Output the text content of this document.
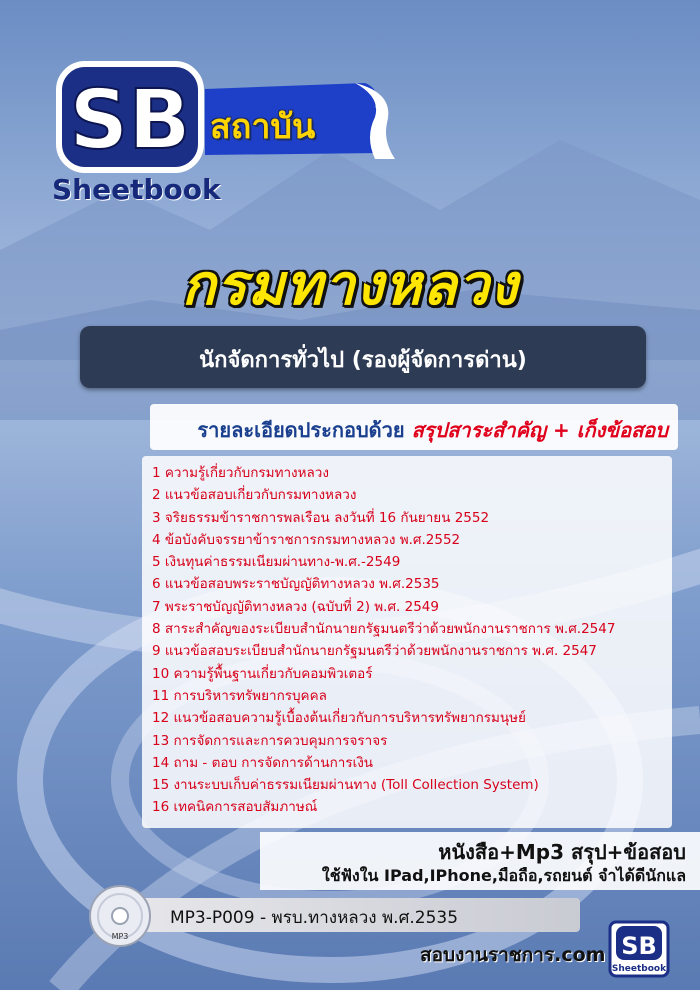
SB สถาบัน
Sheetbook
กรมทางหลวง
นักจัดการทั่วไป (รองผู้จัดการด่าน)
รายละเอียดประกอบด้วย สรุปสาระสำคัญ + เก็งข้อสอบ
1 ความรู้เกี่ยวกับกรมทางหลวง
2 แนวข้อสอบเกี่ยวกับกรมทางหลวง
3 จริยธรรมข้าราชการพลเรือน ลงวันที่ 16 กันยายน 2552
4 ข้อบังคับจรรยาข้าราชการกรมทางหลวง พ.ศ.2552
5 เงินทุนค่าธรรมเนียมผ่านทาง-พ.ศ.-2549
6 แนวข้อสอบพระราชบัญญัติทางหลวง พ.ศ.2535
7 พระราชบัญญัติทางหลวง (ฉบับที่ 2) พ.ศ. 2549
8 สาระสำคัญของระเบียบสำนักนายกรัฐมนตรีว่าด้วยพนักงานราชการ พ.ศ.2547
9 แนวข้อสอบระเบียบสำนักนายกรัฐมนตรีว่าด้วยพนักงานราชการ พ.ศ. 2547
10 ความรู้พื้นฐานเกี่ยวกับคอมพิวเตอร์
11 การบริหารทรัพยากรบุคคล
12 แนวข้อสอบความรู้เบื้องต้นเกี่ยวกับการบริหารทรัพยากรมนุษย์
13 การจัดการและการควบคุมการจราจร
14 ถาม - ตอบ การจัดการด้านการเงิน
15 งานระบบเก็บค่าธรรมเนียมผ่านทาง (Toll Collection System)
16 เทคนิคการสอบสัมภาษณ์
หนังสือ+Mp3 สรุป+ข้อสอบ
ใช้ฟังใน IPad,IPhone,มือถือ,รถยนต์ จำได้ดีนักแล
MP3-P009 - พรบ.ทางหลวง พ.ศ.2535
MP3
สอบงานราชการ.com SB
Sheetbook
